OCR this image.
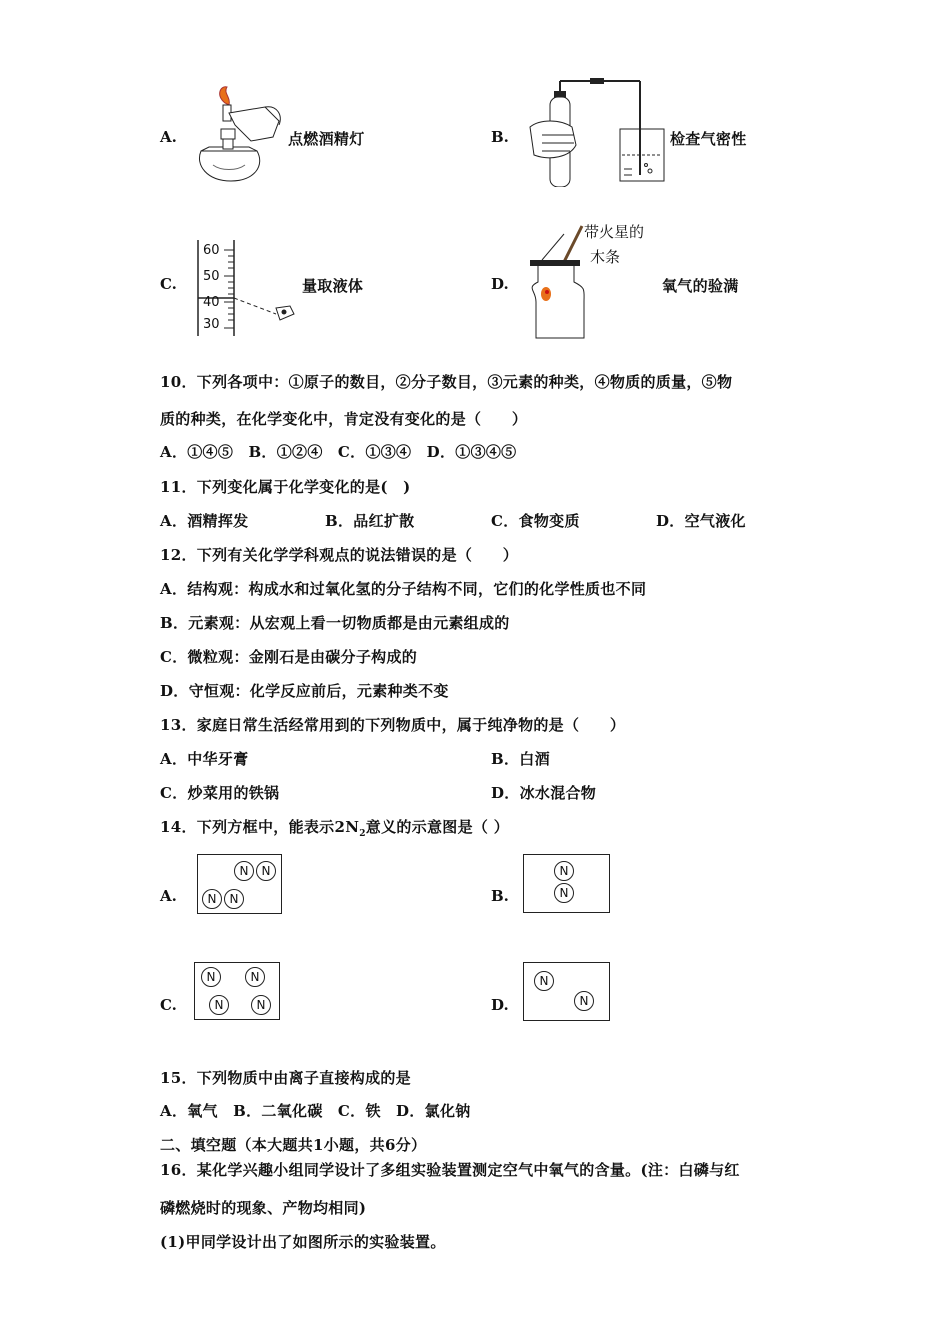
A.	点燃酒精灯	B.	检查气密性
C.
60
50
40
30
量取液体	D.
带火星的
木条
氧气的验满
10．下列各项中：①原子的数目，②分子数目，③元素的种类，④物质的质量，⑤物
质的种类，在化学变化中，肯定没有变化的是（　　）
A．①④⑤　B．①②④　C．①③④　D．①③④⑤
11．下列变化属于化学变化的是(　)
A．酒精挥发	B．品红扩散	C．食物变质	D．空气液化
12．下列有关化学学科观点的说法错误的是（　　）
A．结构观：构成水和过氧化氢的分子结构不同，它们的化学性质也不同
B．元素观：从宏观上看一切物质都是由元素组成的
C．微粒观：金刚石是由碳分子构成的
D．守恒观：化学反应前后，元素种类不变
13．家庭日常生活经常用到的下列物质中，属于纯净物的是（　　）
A．中华牙膏	B．白酒
C．炒菜用的铁锅	D．冰水混合物
14．下列方框中，能表示$2N_2$意义的示意图是（ ）
A.
N	N
N	N	B.
N
N
C.
N	N
N	N	D.
N
N
15．下列物质中由离子直接构成的是
A．氧气　B．二氧化碳　C．铁　D．氯化钠
二、填空题（本大题共1小题，共6分）
16．某化学兴趣小组同学设计了多组实验装置测定空气中氧气的含量。(注：白磷与红
磷燃烧时的现象、产物均相同)
(1)甲同学设计出了如图所示的实验装置。
